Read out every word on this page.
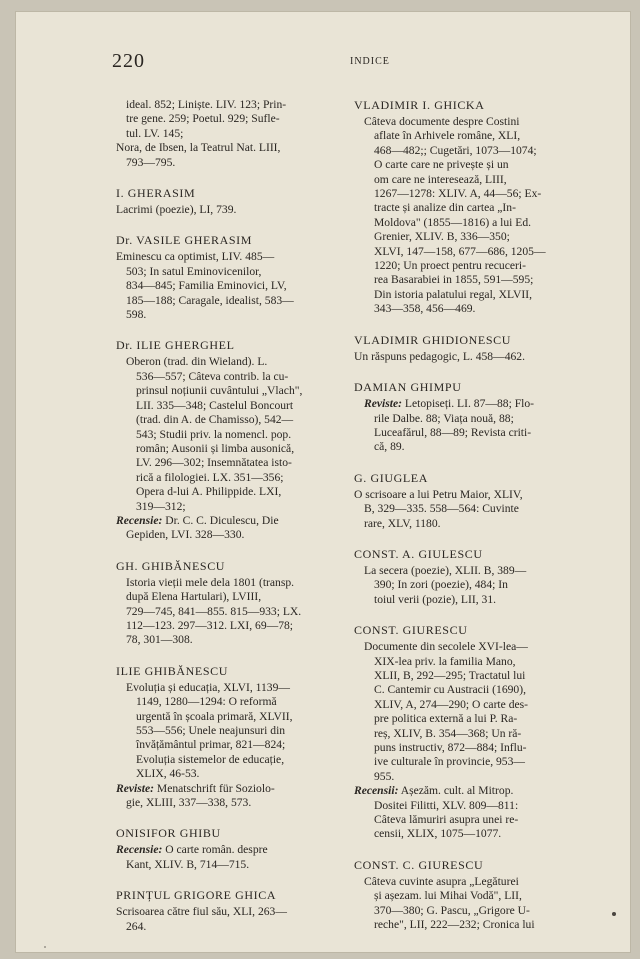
220	INDICE
ideal. 852; Liniște. LIV. 123; Prin-
tre gene. 259; Poetul. 929; Sufle-
tul. LV. 145;
Nora, de Ibsen, la Teatrul Nat. LIII,
793—795.
I. GHERASIM
Lacrimi (poezie), LI, 739.
Dr. VASILE GHERASIM
Eminescu ca optimist, LIV. 485—
503; In satul Eminovicenilor,
834—845; Familia Eminovici, LV,
185—188; Caragale, idealist, 583—
598.
Dr. ILIE GHERGHEL
Oberon (trad. din Wieland). L.
536—557; Câteva contrib. la cu-
prinsul noțiunii cuvântului „Vlach",
LII. 335—348; Castelul Boncourt
(trad. din A. de Chamisso), 542—
543; Studii priv. la nomencl. pop.
român; Ausonii și limba ausonică,
LV. 296—302; Insemnătatea isto-
rică a filologiei. LX. 351—356;
Opera d-lui A. Philippide. LXI,
319—312;
Recensie: Dr. C. C. Diculescu, Die
Gepiden, LVI. 328—330.
GH. GHIBĂNESCU
Istoria vieții mele dela 1801 (transp.
după Elena Hartulari), LVIII,
729—745, 841—855. 815—933; LX.
112—123. 297—312. LXI, 69—78;
78, 301—308.
ILIE GHIBĂNESCU
Evoluția și educația, XLVI, 1139—
1149, 1280—1294: O reformă
urgentă în școala primară, XLVII,
553—556; Unele neajunsuri din
învățământul primar, 821—824;
Evoluția sistemelor de educație,
XLIX, 46-53.
Reviste: Menatschrift für Soziolo-
gie, XLIII, 337—338, 573.
ONISIFOR GHIBU
Recensie: O carte român. despre
Kant, XLIV. B, 714—715.
PRINȚUL GRIGORE GHICA
Scrisoarea către fiul său, XLI, 263—
264.
VLADIMIR I. GHICKA
Câteva documente despre Costini
aflate în Arhivele române, XLI,
468—482;; Cugetări, 1073—1074;
O carte care ne privește și un
om care ne interesează, LIII,
1267—1278: XLIV. A, 44—56; Ex-
tracte și analize din cartea „In-
Moldova" (1855—1816) a lui Ed.
Grenier, XLIV. B, 336—350;
XLVI, 147—158, 677—686, 1205—
1220; Un proect pentru recuceri-
rea Basarabiei in 1855, 591—595;
Din istoria palatului regal, XLVII,
343—358, 456—469.
VLADIMIR GHIDIONESCU
Un răspuns pedagogic, L. 458—462.
DAMIAN GHIMPU
Reviste: Letopiseți. LI. 87—88; Flo-
rile Dalbe. 88; Viața nouă, 88;
Luceafărul, 88—89; Revista criti-
că, 89.
G. GIUGLEA
O scrisoare a lui Petru Maior, XLIV,
B, 329—335. 558—564: Cuvinte
rare, XLV, 1180.
CONST. A. GIULESCU
La secera (poezie), XLII. B, 389—
390; In zori (poezie), 484; In
toiul verii (pozie), LII, 31.
CONST. GIURESCU
Documente din secolele XVI-lea—
XIX-lea priv. la familia Mano,
XLII, B, 292—295; Tractatul lui
C. Cantemir cu Austracii (1690),
XLIV, A, 274—290; O carte des-
pre politica externă a lui P. Ra-
reș, XLIV, B. 354—368; Un ră-
puns instructiv, 872—884; Influ-
ive culturale în provincie, 953—
955.
Recensii: Așezăm. cult. al Mitrop.
Dositei Filitti, XLV. 809—811:
Câteva lămuriri asupra unei re-
censii, XLIX, 1075—1077.
CONST. C. GIURESCU
Câteva cuvinte asupra „Legăturei
și așezam. lui Mihai Vodă", LII,
370—380; G. Pascu, „Grigore U-
reche", LII, 222—232; Cronica lui
